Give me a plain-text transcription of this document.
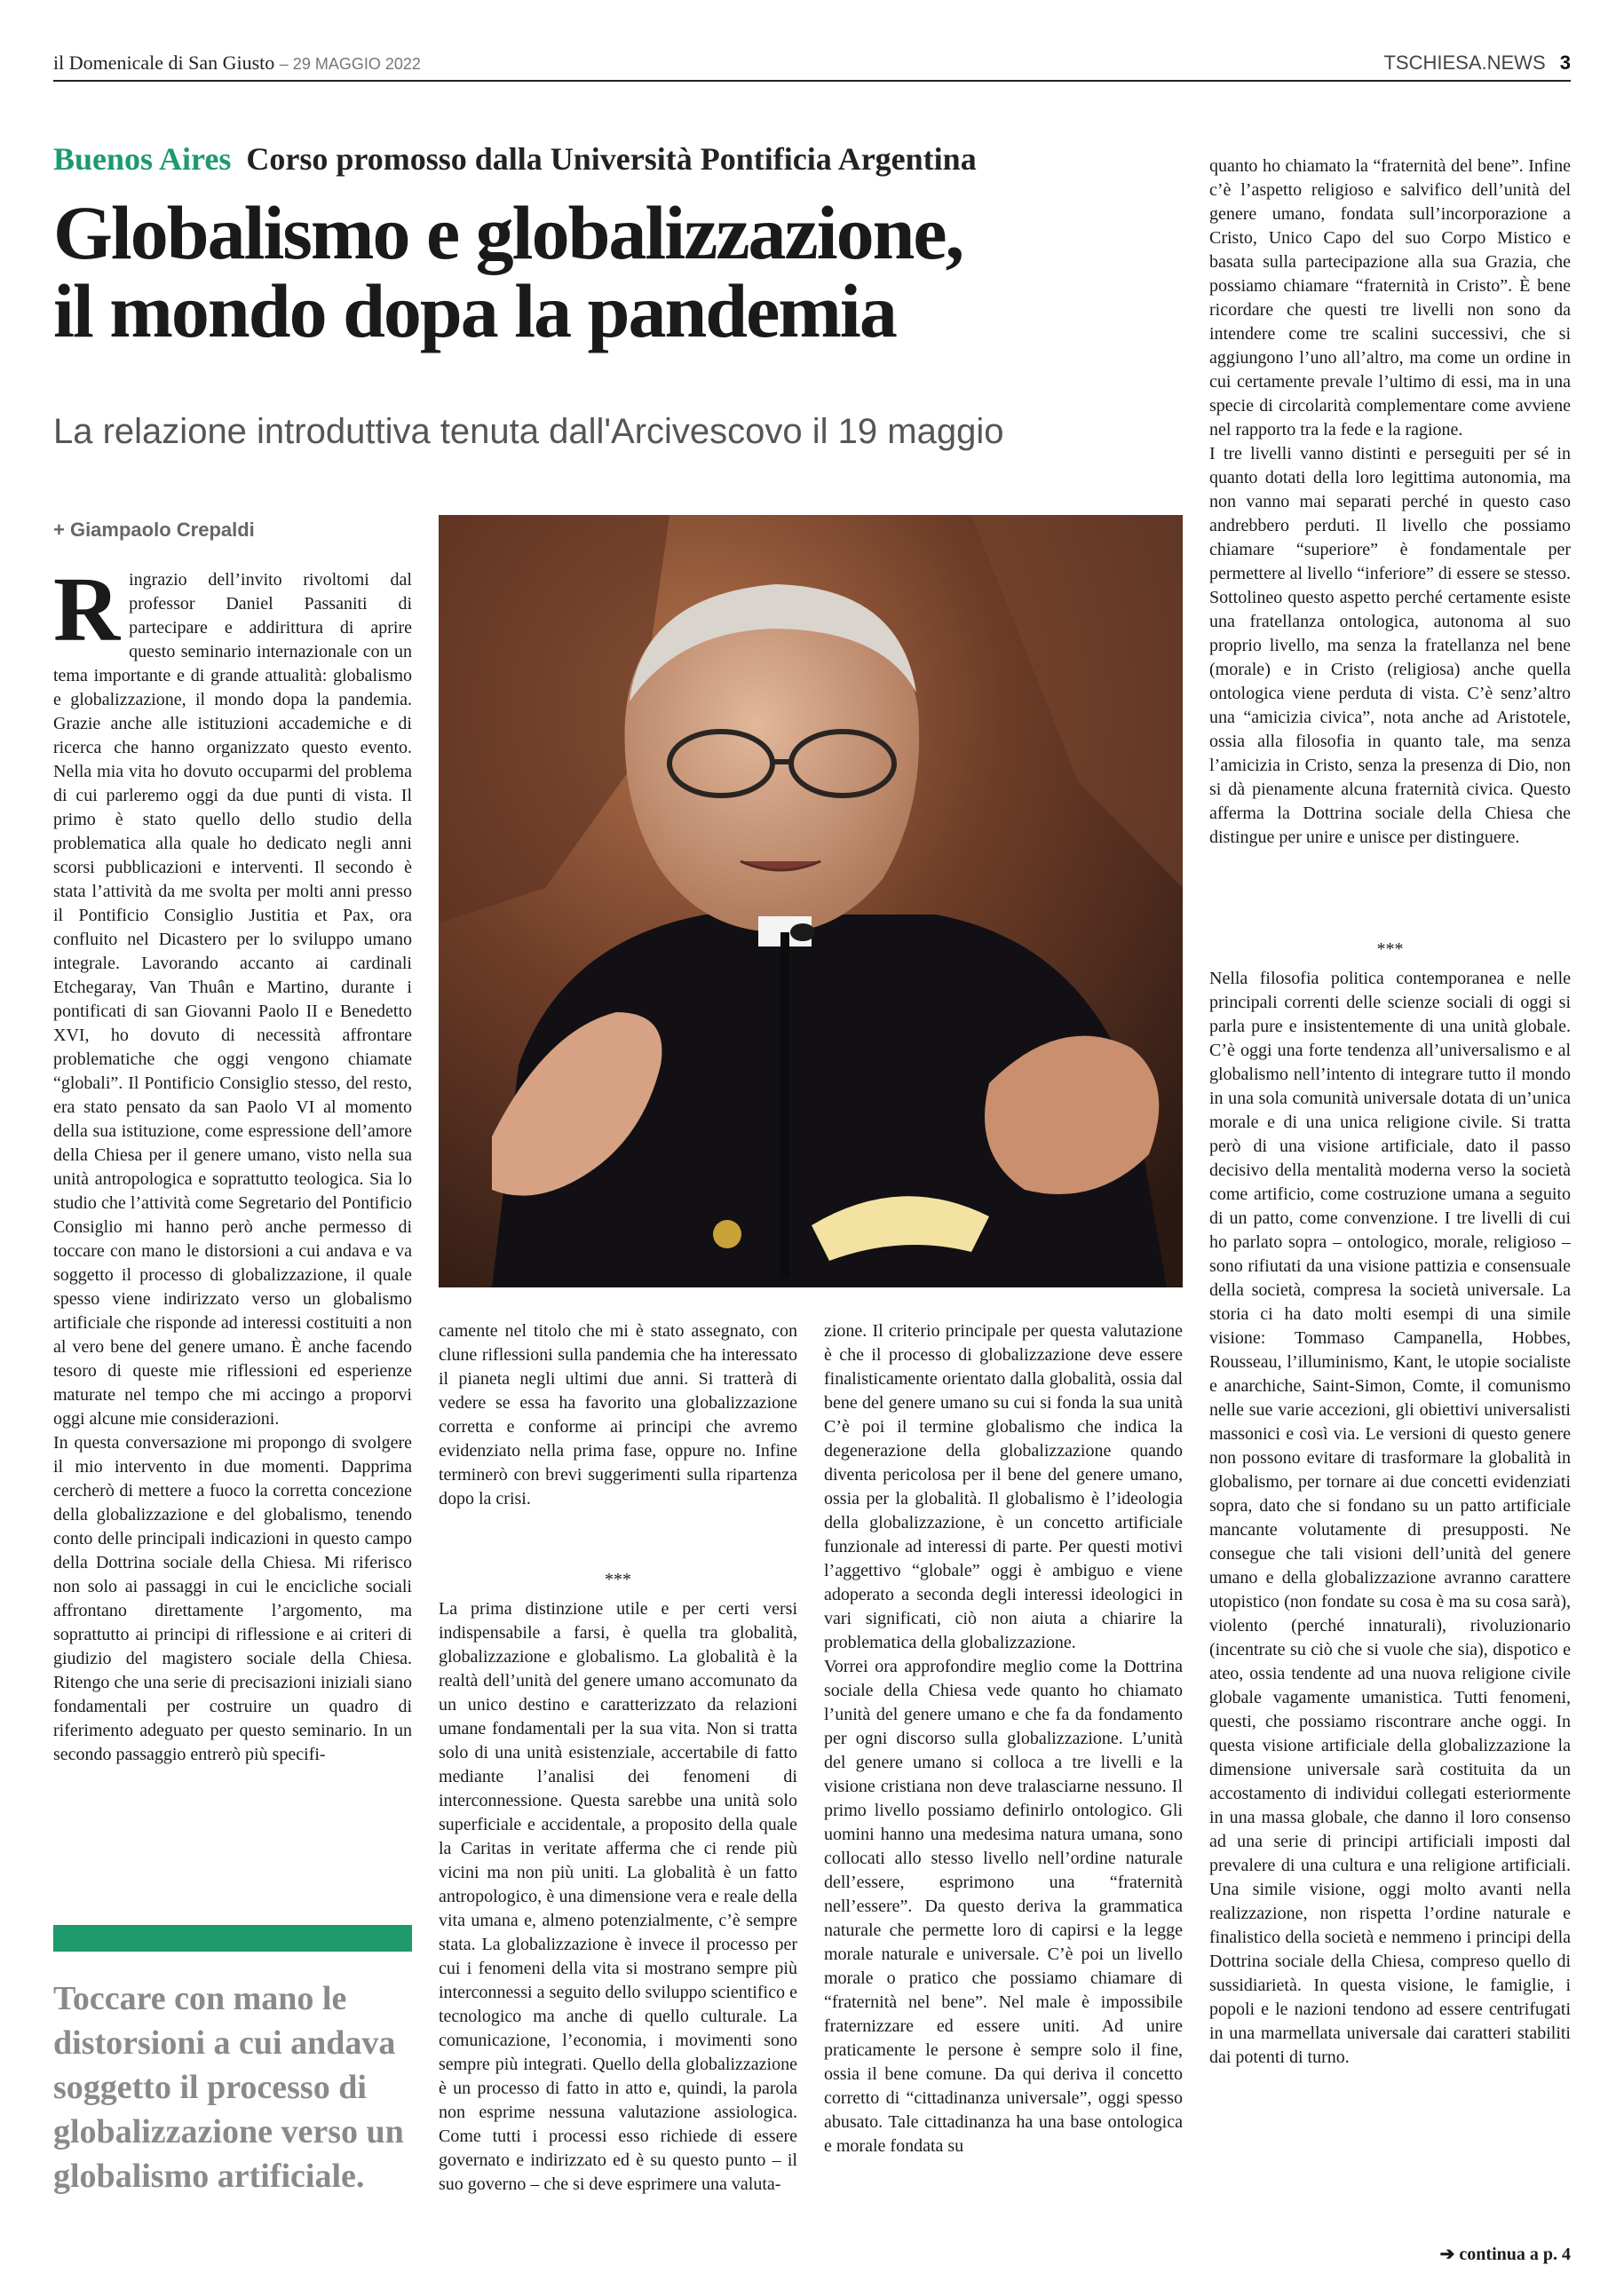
il Domenicale di San Giusto – 29 MAGGIO 2022	TSCHIESA.NEWS 3
Buenos Aires Corso promosso dalla Università Pontificia Argentina
Globalismo e globalizzazione,
il mondo dopa la pandemia
La relazione introduttiva tenuta dall'Arcivescovo il 19 maggio
+ Giampaolo Crepaldi

Ringrazio dell’invito rivoltomi dal professor Daniel Passaniti di partecipare e addirittura di aprire questo seminario internazionale con un tema importante e di grande attualità: globalismo e globalizzazione, il mondo dopa la pandemia. Grazie anche alle istituzioni accademiche e di ricerca che hanno organizzato questo evento. Nella mia vita ho dovuto occuparmi del problema di cui parleremo oggi da due punti di vista. Il primo è stato quello dello studio della problematica alla quale ho dedicato negli anni scorsi pubblicazioni e interventi. Il secondo è stata l’attività da me svolta per molti anni presso il Pontificio Consiglio Justitia et Pax, ora confluito nel Dicastero per lo sviluppo umano integrale. Lavorando accanto ai cardinali Etchegaray, Van Thuân e Martino, durante i pontificati di san Giovanni Paolo II e Benedetto XVI, ho dovuto di necessità affrontare problematiche che oggi vengono chiamate “globali”. Il Pontificio Consiglio stesso, del resto, era stato pensato da san Paolo VI al momento della sua istituzione, come espressione dell’amore della Chiesa per il genere umano, visto nella sua unità antropologica e soprattutto teologica. Sia lo studio che l’attività come Segretario del Pontificio Consiglio mi hanno però anche permesso di toccare con mano le distorsioni a cui andava e va soggetto il processo di globalizzazione, il quale spesso viene indirizzato verso un globalismo artificiale che risponde ad interessi costituiti a non al vero bene del genere umano. È anche facendo tesoro di queste mie riflessioni ed esperienze maturate nel tempo che mi accingo a proporvi oggi alcune mie considerazioni.

In questa conversazione mi propongo di svolgere il mio intervento in due momenti. Dapprima cercherò di mettere a fuoco la corretta concezione della globalizzazione e del globalismo, tenendo conto delle principali indicazioni in questo campo della Dottrina sociale della Chiesa. Mi riferisco non solo ai passaggi in cui le encicliche sociali affrontano direttamente l’argomento, ma soprattutto ai principi di riflessione e ai criteri di giudizio del magistero sociale della Chiesa. Ritengo che una serie di precisazioni iniziali siano fondamentali per costruire un quadro di riferimento adeguato per questo seminario. In un secondo passaggio entrerò più specifi-

camente nel titolo che mi è stato assegnato, con clune riflessioni sulla pandemia che ha interessato il pianeta negli ultimi due anni. Si tratterà di vedere se essa ha favorito una globalizzazione corretta e conforme ai principi che avremo evidenziato nella prima fase, oppure no. Infine terminerò con brevi suggerimenti sulla ripartenza dopo la crisi.

***

La prima distinzione utile e per certi versi indispensabile a farsi, è quella tra globalità, globalizzazione e globalismo. La globalità è la realtà dell’unità del genere umano accomunato da un unico destino e caratterizzato da relazioni umane fondamentali per la sua vita. Non si tratta solo di una unità esistenziale, accertabile di fatto mediante l’analisi dei fenomeni di interconnessione. Questa sarebbe una unità solo superficiale e accidentale, a proposito della quale la Caritas in veritate afferma che ci rende più vicini ma non più uniti. La globalità è un fatto antropologico, è una dimensione vera e reale della vita umana e, almeno potenzialmente, c’è sempre stata. La globalizzazione è invece il processo per cui i fenomeni della vita si mostrano sempre più interconnessi a seguito dello sviluppo scientifico e tecnologico ma anche di quello culturale. La comunicazione, l’economia, i movimenti sono sempre più integrati. Quello della globalizzazione è un processo di fatto in atto e, quindi, la parola non esprime nessuna valutazione assiologica. Come tutti i processi esso richiede di essere governato e indirizzato ed è su questo punto – il suo governo – che si deve esprimere una valuta-

zione. Il criterio principale per questa valutazione è che il processo di globalizzazione deve essere finalisticamente orientato dalla globalità, ossia dal bene del genere umano su cui si fonda la sua unità C’è poi il termine globalismo che indica la degenerazione della globalizzazione quando diventa pericolosa per il bene del genere umano, ossia per la globalità. Il globalismo è l’ideologia della globalizzazione, è un concetto artificiale funzionale ad interessi di parte. Per questi motivi l’aggettivo “globale” oggi è ambiguo e viene adoperato a seconda degli interessi ideologici in vari significati, ciò non aiuta a chiarire la problematica della globalizzazione.

Vorrei ora approfondire meglio come la Dottrina sociale della Chiesa vede quanto ho chiamato l’unità del genere umano e che fa da fondamento per ogni discorso sulla globalizzazione. L’unità del genere umano si colloca a tre livelli e la visione cristiana non deve tralasciarne nessuno. Il primo livello possiamo definirlo ontologico. Gli uomini hanno una medesima natura umana, sono collocati allo stesso livello nell’ordine naturale dell’essere, esprimono una “fraternità nell’essere”. Da questo deriva la grammatica naturale che permette loro di capirsi e la legge morale naturale e universale. C’è poi un livello morale o pratico che possiamo chiamare di “fraternità nel bene”. Nel male è impossibile fraternizzare ed essere uniti. Ad unire praticamente le persone è sempre solo il fine, ossia il bene comune. Da qui deriva il concetto corretto di “cittadinanza universale”, oggi spesso abusato. Tale cittadinanza ha una base ontologica e morale fondata su

quanto ho chiamato la “fraternità del bene”. Infine c’è l’aspetto religioso e salvifico dell’unità del genere umano, fondata sull’incorporazione a Cristo, Unico Capo del suo Corpo Mistico e basata sulla partecipazione alla sua Grazia, che possiamo chiamare “fraternità in Cristo”. È bene ricordare che questi tre livelli non sono da intendere come tre scalini successivi, che si aggiungono l’uno all’altro, ma come un ordine in cui certamente prevale l’ultimo di essi, ma in una specie di circolarità complementare come avviene nel rapporto tra la fede e la ragione.

I tre livelli vanno distinti e perseguiti per sé in quanto dotati della loro legittima autonomia, ma non vanno mai separati perché in questo caso andrebbero perduti. Il livello che possiamo chiamare “superiore” è fondamentale per permettere al livello “inferiore” di essere se stesso. Sottolineo questo aspetto perché certamente esiste una fratellanza ontologica, autonoma al suo proprio livello, ma senza la fratellanza nel bene (morale) e in Cristo (religiosa) anche quella ontologica viene perduta di vista. C’è senz’altro una “amicizia civica”, nota anche ad Aristotele, ossia alla filosofia in quanto tale, ma senza l’amicizia in Cristo, senza la presenza di Dio, non si dà pienamente alcuna fraternità civica. Questo afferma la Dottrina sociale della Chiesa che distingue per unire e unisce per distinguere.

***

Nella filosofia politica contemporanea e nelle principali correnti delle scienze sociali di oggi si parla pure e insistentemente di una unità globale. C’è oggi una forte tendenza all’universalismo e al globalismo nell’intento di integrare tutto il mondo in una sola comunità universale dotata di un’unica morale e di una unica religione civile. Si tratta però di una visione artificiale, dato il passo decisivo della mentalità moderna verso la società come artificio, come costruzione umana a seguito di un patto, come convenzione. I tre livelli di cui ho parlato sopra – ontologico, morale, religioso – sono rifiutati da una visione pattizia e consensuale della società, compresa la società universale. La storia ci ha dato molti esempi di una simile visione: Tommaso Campanella, Hobbes, Rousseau, l’illuminismo, Kant, le utopie socialiste e anarchiche, Saint-Simon, Comte, il comunismo nelle sue varie accezioni, gli obiettivi universalisti massonici e così via. Le versioni di questo genere non possono evitare di trasformare la globalità in globalismo, per tornare ai due concetti evidenziati sopra, dato che si fondano su un patto artificiale mancante volutamente di presupposti. Ne consegue che tali visioni dell’unità del genere umano e della globalizzazione avranno carattere utopistico (non fondate su cosa è ma su cosa sarà), violento (perché innaturali), rivoluzionario (incentrate su ciò che si vuole che sia), dispotico e ateo, ossia tendente ad una nuova religione civile globale vagamente umanistica. Tutti fenomeni, questi, che possiamo riscontrare anche oggi. In questa visione artificiale della globalizzazione la dimensione universale sarà costituita da un accostamento di individui collegati esteriormente in una massa globale, che danno il loro consenso ad una serie di principi artificiali imposti dal prevalere di una cultura e una religione artificiali. Una simile visione, oggi molto avanti nella realizzazione, non rispetta l’ordine naturale e finalistico della società e nemmeno i principi della Dottrina sociale della Chiesa, compreso quello di sussidiarietà. In questa visione, le famiglie, i popoli e le nazioni tendono ad essere centrifugati in una marmellata universale dai caratteri stabiliti dai potenti di turno.

Toccare con mano le distorsioni a cui andava soggetto il processo di globalizzazione verso un globalismo artificiale.
➔ continua a p. 4
